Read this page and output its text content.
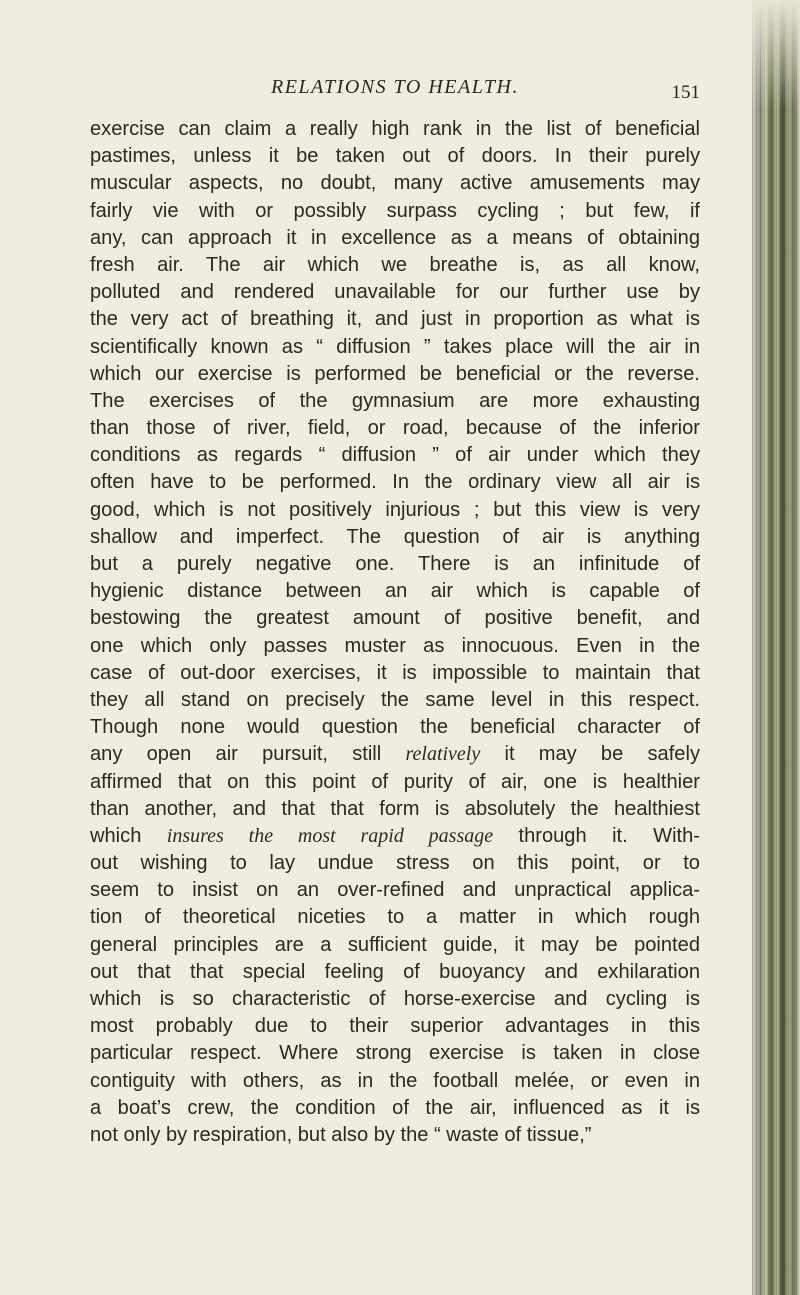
RELATIONS TO HEALTH.	151
exercise can claim a really high rank in the list of beneficial
pastimes, unless it be taken out of doors. In their purely
muscular aspects, no doubt, many active amusements may
fairly vie with or possibly surpass cycling ; but few, if
any, can approach it in excellence as a means of obtaining
fresh air. The air which we breathe is, as all know,
polluted and rendered unavailable for our further use by
the very act of breathing it, and just in proportion as what is
scientifically known as “ diffusion ” takes place will the air in
which our exercise is performed be beneficial or the reverse.
The exercises of the gymnasium are more exhausting
than those of river, field, or road, because of the inferior
conditions as regards “ diffusion ” of air under which they
often have to be performed. In the ordinary view all air is
good, which is not positively injurious ; but this view is very
shallow and imperfect. The question of air is anything
but a purely negative one. There is an infinitude of
hygienic distance between an air which is capable of
bestowing the greatest amount of positive benefit, and
one which only passes muster as innocuous. Even in the
case of out-door exercises, it is impossible to maintain that
they all stand on precisely the same level in this respect.
Though none would question the beneficial character of
any open air pursuit, still relatively it may be safely
affirmed that on this point of purity of air, one is healthier
than another, and that that form is absolutely the healthiest
which insures the most rapid passage through it. With-
out wishing to lay undue stress on this point, or to
seem to insist on an over-refined and unpractical applica-
tion of theoretical niceties to a matter in which rough
general principles are a sufficient guide, it may be pointed
out that that special feeling of buoyancy and exhilaration
which is so characteristic of horse-exercise and cycling is
most probably due to their superior advantages in this
particular respect. Where strong exercise is taken in close
contiguity with others, as in the football melée, or even in
a boat’s crew, the condition of the air, influenced as it is
not only by respiration, but also by the “ waste of tissue,”
